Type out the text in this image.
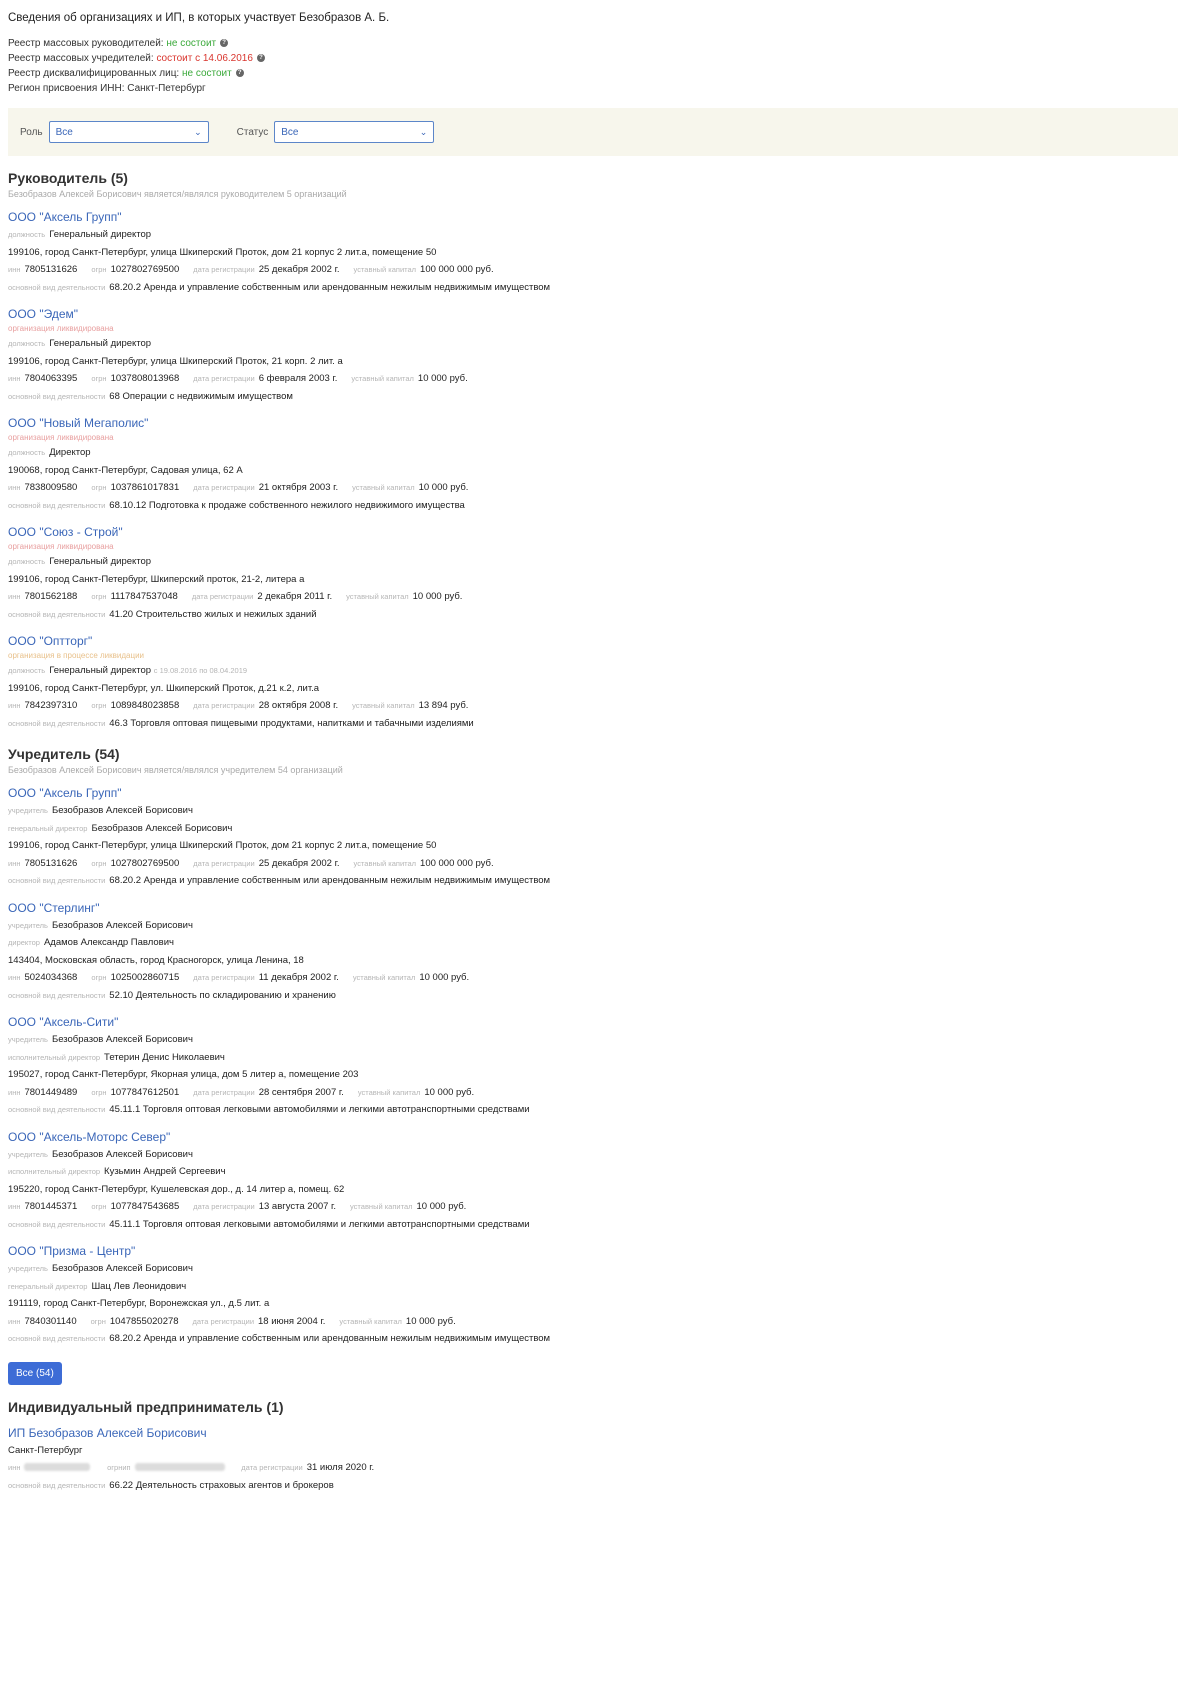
Сведения об организациях и ИП, в которых участвует Безобразов А. Б.
Реестр массовых руководителей: не состоит ?
Реестр массовых учредителей: состоит с 14.06.2016 ?
Реестр дисквалифицированных лиц: не состоит ?
Регион присвоения ИНН: Санкт-Петербург
Роль Все	⌄	Статус Все	⌄
Руководитель (5)
Безобразов Алексей Борисович является/являлся руководителем 5 организаций
ООО "Аксель Групп"
должность Генеральный директор
199106, город Санкт-Петербург, улица Шкиперский Проток, дом 21 корпус 2 лит.а, помещение 50
инн 7805131626 огрн 1027802769500 дата регистрации 25 декабря 2002 г. уставный капитал 100 000 000 руб.
основной вид деятельности 68.20.2 Аренда и управление собственным или арендованным нежилым недвижимым имуществом
ООО "Эдем"
организация ликвидирована
должность Генеральный директор
199106, город Санкт-Петербург, улица Шкиперский Проток, 21 корп. 2 лит. а
инн 7804063395 огрн 1037808013968 дата регистрации 6 февраля 2003 г. уставный капитал 10 000 руб.
основной вид деятельности 68 Операции с недвижимым имуществом
ООО "Новый Мегаполис"
организация ликвидирована
должность Директор
190068, город Санкт-Петербург, Садовая улица, 62 А
инн 7838009580 огрн 1037861017831 дата регистрации 21 октября 2003 г. уставный капитал 10 000 руб.
основной вид деятельности 68.10.12 Подготовка к продаже собственного нежилого недвижимого имущества
ООО "Союз - Строй"
организация ликвидирована
должность Генеральный директор
199106, город Санкт-Петербург, Шкиперский проток, 21-2, литера а
инн 7801562188 огрн 1117847537048 дата регистрации 2 декабря 2011 г. уставный капитал 10 000 руб.
основной вид деятельности 41.20 Строительство жилых и нежилых зданий
ООО "Оптторг"
организация в процессе ликвидации
должность Генеральный директор с 19.08.2016 по 08.04.2019
199106, город Санкт-Петербург, ул. Шкиперский Проток, д.21 к.2, лит.а
инн 7842397310 огрн 1089848023858 дата регистрации 28 октября 2008 г. уставный капитал 13 894 руб.
основной вид деятельности 46.3 Торговля оптовая пищевыми продуктами, напитками и табачными изделиями
Учредитель (54)
Безобразов Алексей Борисович является/являлся учредителем 54 организаций
ООО "Аксель Групп"
учредитель Безобразов Алексей Борисович
генеральный директор Безобразов Алексей Борисович
199106, город Санкт-Петербург, улица Шкиперский Проток, дом 21 корпус 2 лит.а, помещение 50
инн 7805131626 огрн 1027802769500 дата регистрации 25 декабря 2002 г. уставный капитал 100 000 000 руб.
основной вид деятельности 68.20.2 Аренда и управление собственным или арендованным нежилым недвижимым имуществом
ООО "Стерлинг"
учредитель Безобразов Алексей Борисович
директор Адамов Александр Павлович
143404, Московская область, город Красногорск, улица Ленина, 18
инн 5024034368 огрн 1025002860715 дата регистрации 11 декабря 2002 г. уставный капитал 10 000 руб.
основной вид деятельности 52.10 Деятельность по складированию и хранению
ООО "Аксель-Сити"
учредитель Безобразов Алексей Борисович
исполнительный директор Тетерин Денис Николаевич
195027, город Санкт-Петербург, Якорная улица, дом 5 литер а, помещение 203
инн 7801449489 огрн 1077847612501 дата регистрации 28 сентября 2007 г. уставный капитал 10 000 руб.
основной вид деятельности 45.11.1 Торговля оптовая легковыми автомобилями и легкими автотранспортными средствами
ООО "Аксель-Моторс Север"
учредитель Безобразов Алексей Борисович
исполнительный директор Кузьмин Андрей Сергеевич
195220, город Санкт-Петербург, Кушелевская дор., д. 14 литер а, помещ. 62
инн 7801445371 огрн 1077847543685 дата регистрации 13 августа 2007 г. уставный капитал 10 000 руб.
основной вид деятельности 45.11.1 Торговля оптовая легковыми автомобилями и легкими автотранспортными средствами
ООО "Призма - Центр"
учредитель Безобразов Алексей Борисович
генеральный директор Шац Лев Леонидович
191119, город Санкт-Петербург, Воронежская ул., д.5 лит. а
инн 7840301140 огрн 1047855020278 дата регистрации 18 июня 2004 г. уставный капитал 10 000 руб.
основной вид деятельности 68.20.2 Аренда и управление собственным или арендованным нежилым недвижимым имуществом
Все (54)
Индивидуальный предприниматель (1)
ИП Безобразов Алексей Борисович
Санкт-Петербург
инн	огрнип	дата регистрации 31 июля 2020 г.
основной вид деятельности 66.22 Деятельность страховых агентов и брокеров
